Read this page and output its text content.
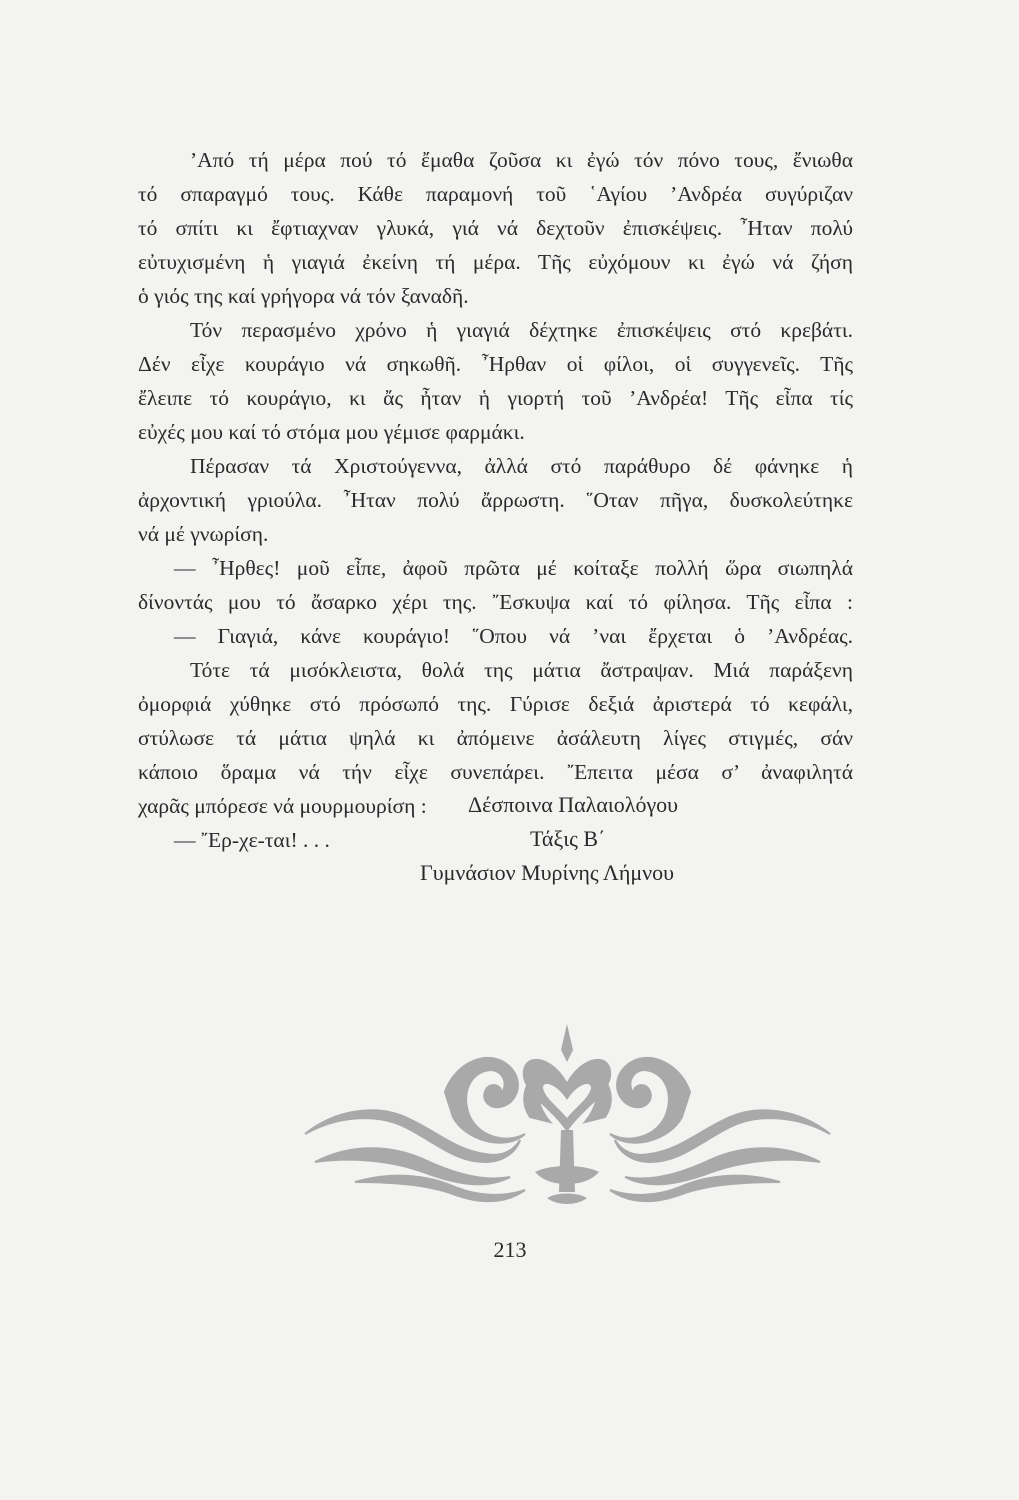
’Από τή μέρα πού τό ἔμαθα ζοῦσα κι ἐγώ τόν πόνο τους, ἔνιωθα
τό σπαραγμό τους. Κάθε παραμονή τοῦ ῾Αγίου ’Ανδρέα συγύριζαν
τό σπίτι κι ἔφτιαχναν γλυκά, γιά νά δεχτοῦν ἐπισκέψεις. ῏Ηταν πολύ
εὐτυχισμένη ἡ γιαγιά ἐκείνη τή μέρα. Τῆς εὐχόμουν κι ἐγώ νά ζήση
ὁ γιός της καί γρήγορα νά τόν ξαναδῆ.
Τόν περασμένο χρόνο ἡ γιαγιά δέχτηκε ἐπισκέψεις στό κρεβάτι.
Δέν εἶχε κουράγιο νά σηκωθῆ. ῏Ηρθαν οἱ φίλοι, οἱ συγγενεῖς. Τῆς
ἔλειπε τό κουράγιο, κι ἄς ἦταν ἡ γιορτή τοῦ ’Ανδρέα! Τῆς εἶπα τίς
εὐχές μου καί τό στόμα μου γέμισε φαρμάκι.
Πέρασαν τά Χριστούγεννα, ἀλλά στό παράθυρο δέ φάνηκε ἡ
ἀρχοντική γριούλα. ῏Ηταν πολύ ἄρρωστη. ῞Οταν πῆγα, δυσκολεύτηκε
νά μέ γνωρίση.
— ῏Ηρθες! μοῦ εἶπε, ἀφοῦ πρῶτα μέ κοίταξε πολλή ὥρα σιωπηλά
δίνοντάς μου τό ἄσαρκο χέρι της. ῎Εσκυψα καί τό φίλησα. Τῆς εἶπα :
— Γιαγιά, κάνε κουράγιο! ῞Οπου νά ’ναι ἔρχεται ὁ ’Ανδρέας.
Τότε τά μισόκλειστα, θολά της μάτια ἄστραψαν. Μιά παράξενη
ὀμορφιά χύθηκε στό πρόσωπό της. Γύρισε δεξιά ἀριστερά τό κεφάλι,
στύλωσε τά μάτια ψηλά κι ἀπόμεινε ἀσάλευτη λίγες στιγμές, σάν
κάποιο ὅραμα νά τήν εἶχε συνεπάρει. ῎Επειτα μέσα σ’ ἀναφιλητά
χαρᾶς μπόρεσε νά μουρμουρίση :
— ῎Ερ-χε-ται! . . .
Δέσποινα Παλαιολόγου
Τάξις Β΄
Γυμνάσιον Μυρίνης Λήμνου
213
